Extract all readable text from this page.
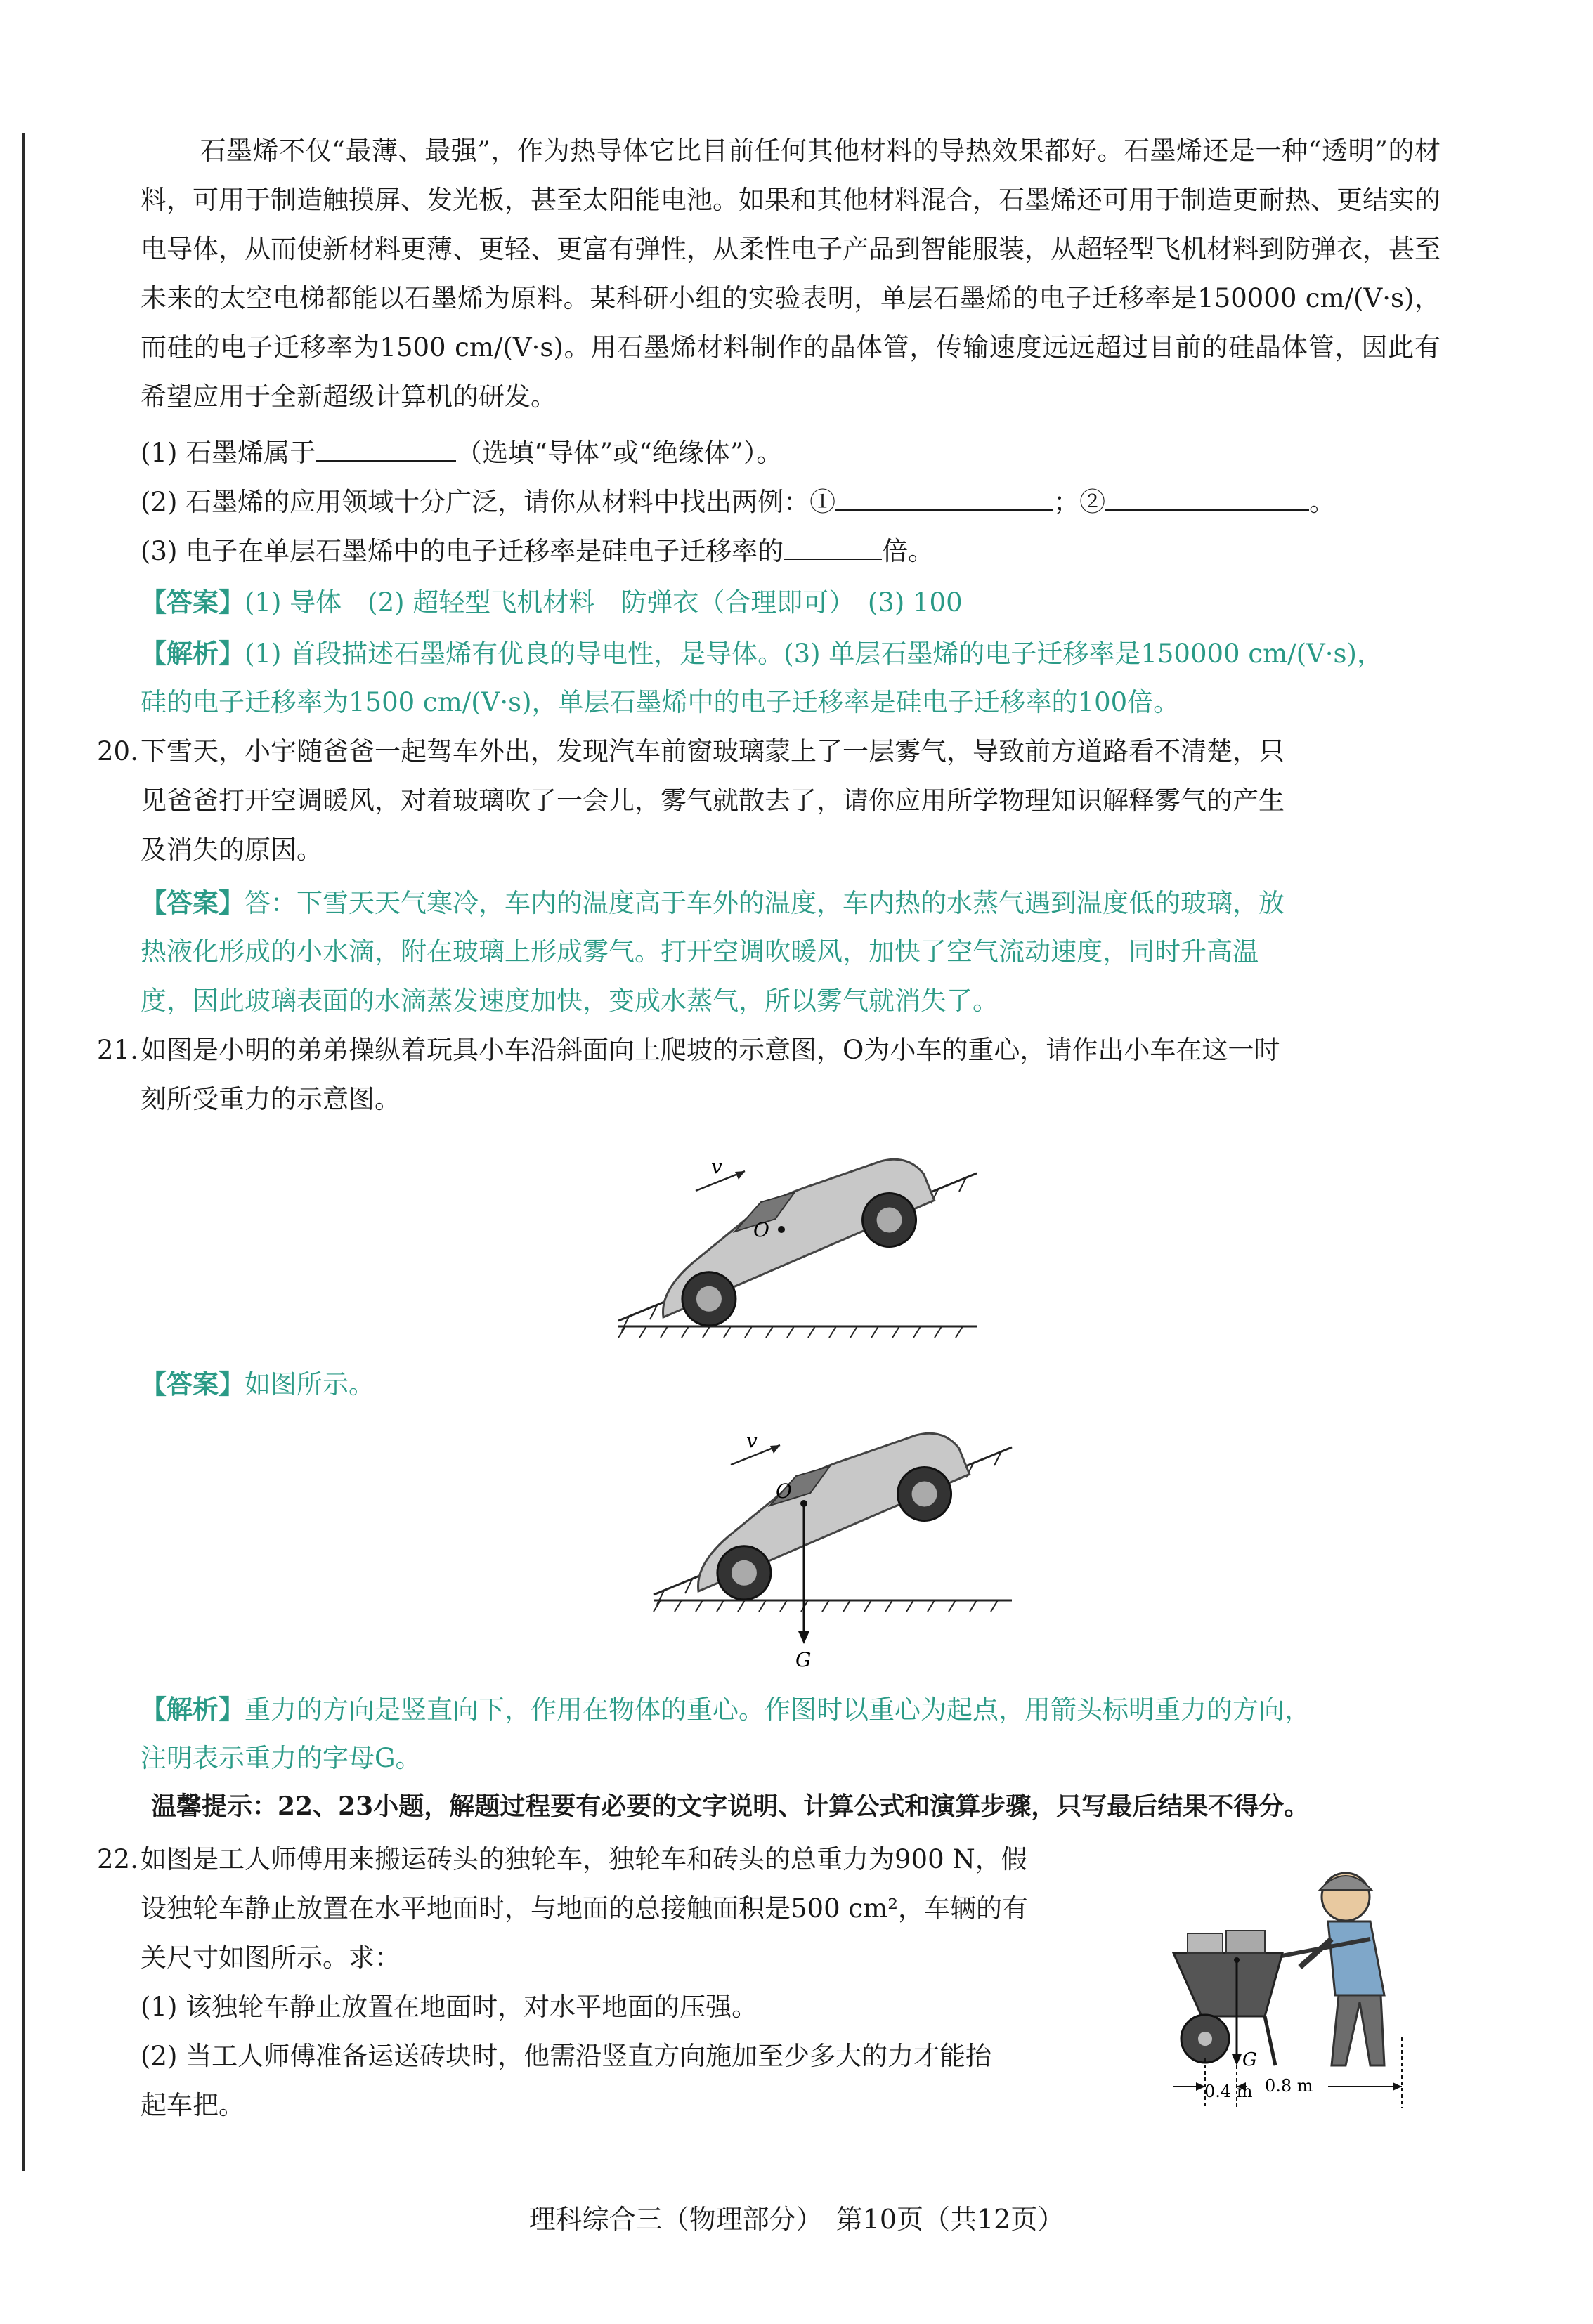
石墨烯不仅“最薄、最强”，作为热导体它比目前任何其他材料的导热效果都好。石墨烯还是一种“透明”的材料，可用于制造触摸屏、发光板，甚至太阳能电池。如果和其他材料混合，石墨烯还可用于制造更耐热、更结实的电导体，从而使新材料更薄、更轻、更富有弹性，从柔性电子产品到智能服装，从超轻型飞机材料到防弹衣，甚至未来的太空电梯都能以石墨烯为原料。某科研小组的实验表明，单层石墨烯的电子迁移率是150000 cm/(V·s)，而硅的电子迁移率为1500 cm/(V·s)。用石墨烯材料制作的晶体管，传输速度远远超过目前的硅晶体管，因此有希望应用于全新超级计算机的研发。
(1) 石墨烯属于	（选填“导体”或“绝缘体”）。
(2) 石墨烯的应用领域十分广泛，请你从材料中找出两例：①	；②	。
(3) 电子在单层石墨烯中的电子迁移率是硅电子迁移率的	倍。
【答案】(1) 导体　(2) 超轻型飞机材料　防弹衣（合理即可）　(3) 100
【解析】(1) 首段描述石墨烯有优良的导电性，是导体。(3) 单层石墨烯的电子迁移率是150000 cm/(V·s)，
硅的电子迁移率为1500 cm/(V·s)，单层石墨烯中的电子迁移率是硅电子迁移率的100倍。
20. 下雪天，小宇随爸爸一起驾车外出，发现汽车前窗玻璃蒙上了一层雾气，导致前方道路看不清楚，只
见爸爸打开空调暖风，对着玻璃吹了一会儿，雾气就散去了，请你应用所学物理知识解释雾气的产生
及消失的原因。
【答案】答：下雪天天气寒冷，车内的温度高于车外的温度，车内热的水蒸气遇到温度低的玻璃，放
热液化形成的小水滴，附在玻璃上形成雾气。打开空调吹暖风，加快了空气流动速度，同时升高温
度，因此玻璃表面的水滴蒸发速度加快，变成水蒸气，所以雾气就消失了。
21. 如图是小明的弟弟操纵着玩具小车沿斜面向上爬坡的示意图，O为小车的重心，请作出小车在这一时
刻所受重力的示意图。
v
O
【答案】如图所示。
v
O
G
【解析】重力的方向是竖直向下，作用在物体的重心。作图时以重心为起点，用箭头标明重力的方向，
注明表示重力的字母G。
温馨提示：22、23小题，解题过程要有必要的文字说明、计算公式和演算步骤，只写最后结果不得分。
22. 如图是工人师傅用来搬运砖头的独轮车，独轮车和砖头的总重力为900 N，假
设独轮车静止放置在水平地面时，与地面的总接触面积是500 cm²，车辆的有
关尺寸如图所示。求：
(1) 该独轮车静止放置在地面时，对水平地面的压强。
(2) 当工人师傅准备运送砖块时，他需沿竖直方向施加至少多大的力才能抬
起车把。
G
0.4 m 0.8 m
理科综合三（物理部分）　第10页（共12页）
